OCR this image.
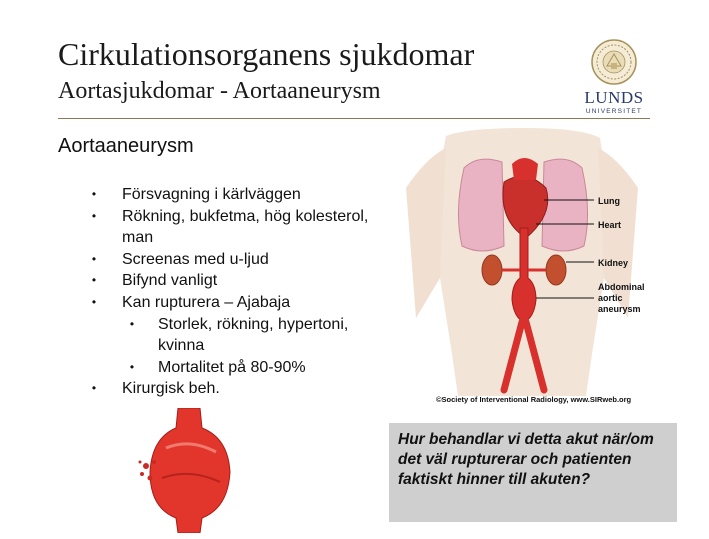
Cirkulationsorganens sjukdomar
Aortasjukdomar - Aortaaneurysm	LUNDS
UNIVERSITET
Aortaaneurysm
• Försvagning i kärlväggen
• Rökning, bukfetma, hög kolesterol, man
• Screenas med u-ljud
• Bifynd vanligt
• Kan rupturera – Ajabaja
• Storlek, rökning, hypertoni, kvinna
• Mortalitet på 80-90%
• Kirurgisk beh.
Lung
Heart
Kidney
Abdominal
aortic
aneurysm
©Society of Interventional Radiology, www.SIRweb.org
Hur behandlar vi detta akut när/om det väl rupturerar och patienten faktiskt hinner till akuten?
